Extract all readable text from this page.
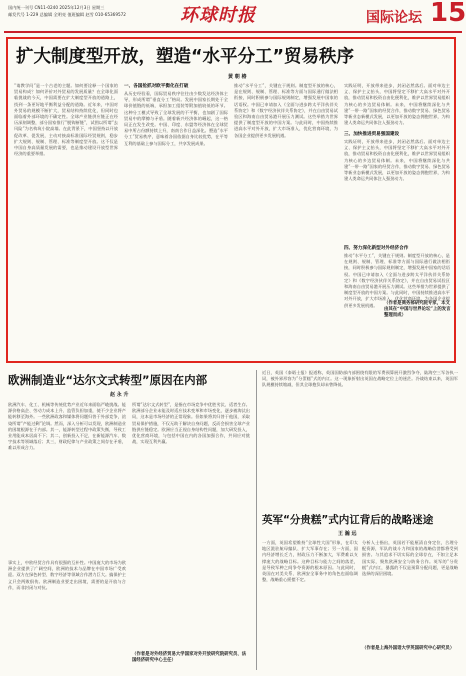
国内统一刊号 CN11-0240 2025年12月3日 星期三
邮发代号 1-229 总编辑 全明亮 值班编辑 赵雪 010-65369572	环球时报	国际论坛 15
扩大制度型开放，塑造“水平分工”贸易秩序
黄 朝 椿
“请教学问”是一个古老的主题。如何要诠释一个国家的贸易构成？如何评价对外贸易的发展质量？在全球化面临挑战的今天，中国需要在扩大制度型开放的道路上，找到一条更好地平衡利益分配的道路。近年来，中国对外贸易的规模不断扩大，贸易结构持续优化，但同时也面临着外部环境的不确定性。全球产业链供应链正在经历深刻调整，部分国家推行“脱钩断链”，试图以所谓“去风险”为名构筑小院高墙。在此背景下，中国坚持以开放促改革、促发展，主动对接高标准国际经贸规则，稳步扩大规则、规制、管理、标准等制度型开放。这不仅是中国自身高质量发展的需要，也是推动建设开放型世界经济的重要举措。
一、各国抢抓对欧平衡化在打破
从历史经验看，国际贸易秩序往往由少数发达经济体主导，形成所谓“垂直分工”格局。发展中国家长期处于全球价值链的低端，承担加工组装等附加值较低的环节。这种分工模式导致了全球发展的不平衡，也加剧了国际贸易中的摩擦与矛盾。随着新兴经济体的崛起，这一格局正在发生改变。中国、印度、东盟等经济体在全球贸易中所占份额持续上升，南南合作日益深化。塑造“水平分工”贸易秩序，意味着各国依据自身比较优势，在平等互利的基础上参与国际分工，共享发展成果。
推动“水平分工”，关键在于规则。制度型开放的核心，是在规则、规制、管理、标准等方面与国际通行做法相衔接，同时积极参与国际规则制定，增强发展中国家的话语权。中国已申请加入《全面与进步跨太平洋伙伴关系协定》和《数字经济伙伴关系协定》，并在自由贸易试验区和海南自由贸易港开展压力测试。这些举措为世界提供了制度型开放的中国方案。与此同时，中国持续推进高水平对外开放，扩大市场准入，优化营商环境，为各国企业提供更多发展机遇。	三、加快推进贸易强国建设
实践证明，开放带来进步，封闭必然落后。面对单边主义、保护主义抬头，中国将坚定不移扩大高水平对外开放，推动贸易和投资自由化便利化，维护以世界贸易组织为核心的多边贸易体制。未来，中国将继续深化与共建“一带一路”国家的经贸合作，推动数字贸易、绿色贸易等新业态新模式发展，以更加开放的姿态拥抱世界，为构建人类命运共同体注入强劲动力。
实践证明，开放带来进步，封闭必然落后。面对单边主义、保护主义抬头，中国将坚定不移扩大高水平对外开放，推动贸易和投资自由化便利化，维护以世界贸易组织为核心的多边贸易体制。未来，中国将继续深化与共建“一带一路”国家的经贸合作，推动数字贸易、绿色贸易等新业态新模式发展，以更加开放的姿态拥抱世界，为构建人类命运共同体注入强劲动力。
四、努力深化新型对外经济合作
推动“水平分工”，关键在于规则。制度型开放的核心，是在规则、规制、管理、标准等方面与国际通行做法相衔接，同时积极参与国际规则制定，增强发展中国家的话语权。中国已申请加入《全面与进步跨太平洋伙伴关系协定》和《数字经济伙伴关系协定》，并在自由贸易试验区和海南自由贸易港开展压力测试。这些举措为世界提供了制度型开放的中国方案。与此同时，中国持续推进高水平对外开放，扩大市场准入，优化营商环境，为各国企业提供更多发展机遇。	（作者是商务部研究院专家，本文由其在“中国与世界论坛”上的发言整理而成）
欧洲制造业“达尔文式转型”原因在内部
赵 永 升
欧洲汽车、化工、机械等传统优势产业近年来面临严峻挑战。能源价格高企、劳动力成本上升、监管负担加重，使不少企业将产能转移至海外。一些欧洲政客和媒体将问题归咎于外部竞争，渲染所谓“产能过剩”论调。然而，深入分析可以发现，欧洲制造业的困境根源在于内部。其一，能源转型过程中政策失衡，导致工业用能成本居高不下；其二，创新投入不足，在新能源汽车、数字技术等领域落后；其三，财政纪律与产业政策之间存在矛盾，难以形成合力。
所谓“达尔文式转型”，是指在市场竞争中优胜劣汰、适者生存。欧洲部分企业未能及时适应技术变革和市场变化，逐步被淘汰出局，这本是市场经济的正常现象。但如果将其归咎于他国，采取贸易保护措施，不仅无助于解决自身问题，反而会损害全球产业链供应链稳定。欧洲应当正视自身结构性问题，加大研发投入，优化营商环境，与包括中国在内的各国加强合作，共同应对挑战，实现互利共赢。
事实上，中欧经贸合作具有很强的互补性。中国庞大的市场为欧洲企业提供了广阔空间，欧洲的技术与品牌在中国市场广受欢迎。双方在绿色转型、数字经济等领域合作潜力巨大。搞保护主义只会两败俱伤。欧洲制造业要走出困境，需要的是开放与合作，而非封闭与对抗。
（作者是对外经济贸易大学国家对外开放研究院研究员、法国经济研究中心主任）
近日，英国《泰晤士报》报道称，英国国防部内部围绕有限的军费预算展开激烈争夺，陆海空三军各执一词，被外界形容为“分蛋糕”式的内讧。这一现象折射出英国在战略定位上的迷茫。冷战结束以来，英国军队规模持续缩减，但其全球抱负却未曾降低。
英军“分贵糕”式内讧背后的战略迷途
王 瀚 远
一方面，英国希望维持“全球性大国”形象，在印太地区派驻航母编队、扩大军事存在；另一方面，国内经济增长乏力，财政压力不断加大，军费难以支撑庞大的战略目标。这种目标与能力之间的落差，是导致军种之间争夺资源的根本原因。与此同时，英国在对美关系、欧洲安全事务中的角色也面临调整，战略重心摇摆不定。
分析人士指出，英国若不能厘清自身定位，合理分配资源，军队的战斗力和国家的战略信誉都将受到损害。与其追求不切实际的全球存在，不如立足本国实际，聚焦欧洲安全与防务合作。英军的“分贵糕”式内讧，暴露的不仅是预算分配问题，更是战略选择的深层困境。
（作者是上海外国语大学英国研究中心研究员）
